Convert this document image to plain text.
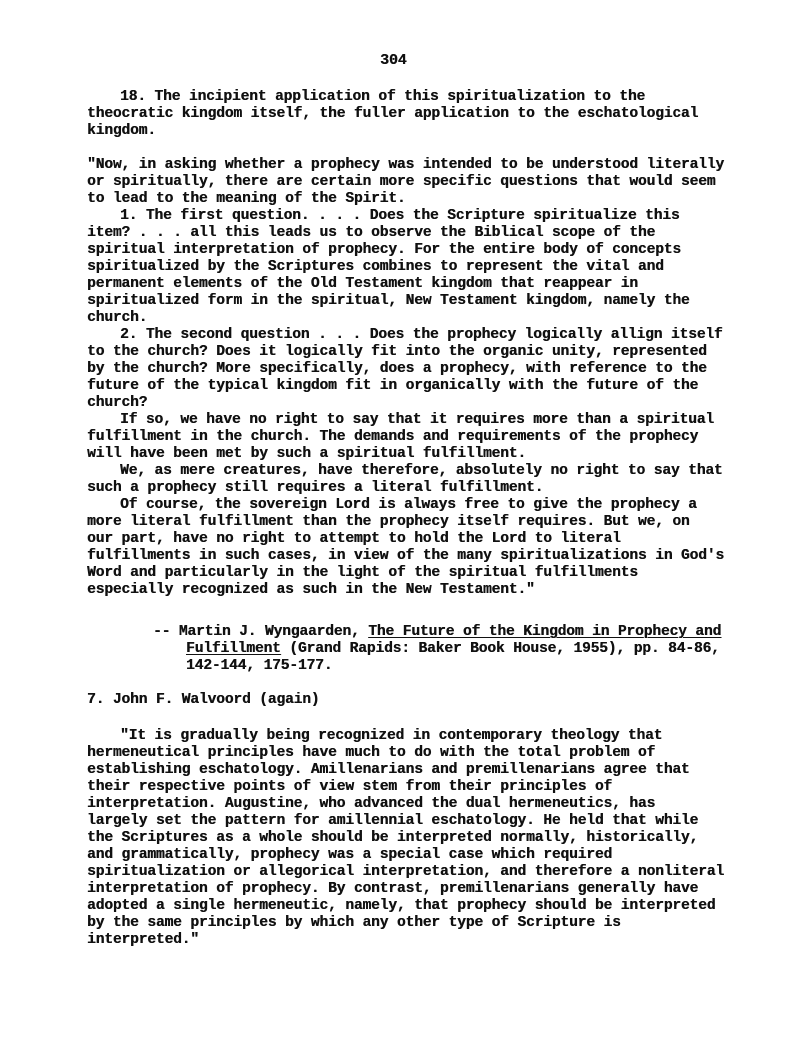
304
18. The incipient application of this spiritualization to the
theocratic kingdom itself, the fuller application to the eschatological
kingdom.
"Now, in asking whether a prophecy was intended to be understood literally
or spiritually, there are certain more specific questions that would seem
to lead to the meaning of the Spirit.
1. The first question. . . . Does the Scripture spiritualize this
item? . . . all this leads us to observe the Biblical scope of the
spiritual interpretation of prophecy. For the entire body of concepts
spiritualized by the Scriptures combines to represent the vital and
permanent elements of the Old Testament kingdom that reappear in
spiritualized form in the spiritual, New Testament kingdom, namely the
church.
2. The second question . . . Does the prophecy logically allign itself
to the church? Does it logically fit into the organic unity, represented
by the church? More specifically, does a prophecy, with reference to the
future of the typical kingdom fit in organically with the future of the
church?
If so, we have no right to say that it requires more than a spiritual
fulfillment in the church. The demands and requirements of the prophecy
will have been met by such a spiritual fulfillment.
We, as mere creatures, have therefore, absolutely no right to say that
such a prophecy still requires a literal fulfillment.
Of course, the sovereign Lord is always free to give the prophecy a
more literal fulfillment than the prophecy itself requires. But we, on
our part, have no right to attempt to hold the Lord to literal
fulfillments in such cases, in view of the many spiritualizations in God's
Word and particularly in the light of the spiritual fulfillments
especially recognized as such in the New Testament."
-- Martin J. Wyngaarden, The Future of the Kingdom in Prophecy and
Fulfillment (Grand Rapids: Baker Book House, 1955), pp. 84-86,
142-144, 175-177.
7. John F. Walvoord (again)
"It is gradually being recognized in contemporary theology that
hermeneutical principles have much to do with the total problem of
establishing eschatology. Amillenarians and premillenarians agree that
their respective points of view stem from their principles of
interpretation. Augustine, who advanced the dual hermeneutics, has
largely set the pattern for amillennial eschatology. He held that while
the Scriptures as a whole should be interpreted normally, historically,
and grammatically, prophecy was a special case which required
spiritualization or allegorical interpretation, and therefore a nonliteral
interpretation of prophecy. By contrast, premillenarians generally have
adopted a single hermeneutic, namely, that prophecy should be interpreted
by the same principles by which any other type of Scripture is
interpreted."
